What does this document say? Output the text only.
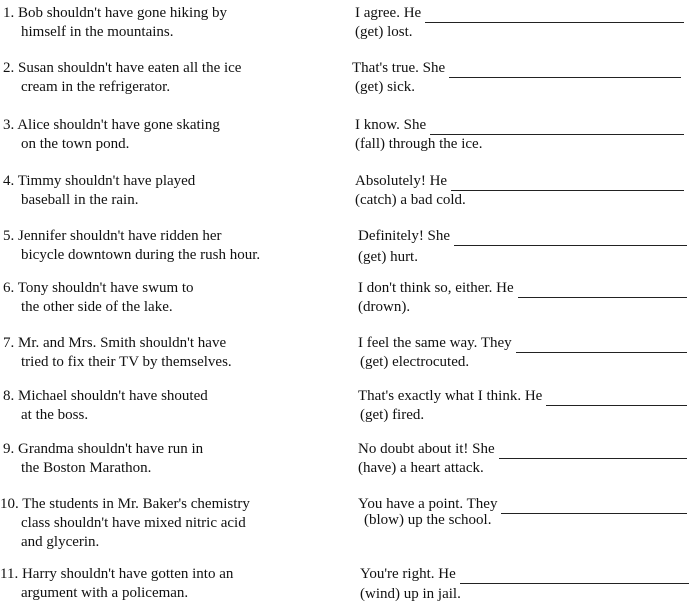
1. Bob shouldn't have gone hiking by
himself in the mountains.
I agree. He
(get) lost.
2. Susan shouldn't have eaten all the ice
cream in the refrigerator.
That's true. She
(get) sick.
3. Alice shouldn't have gone skating
on the town pond.
I know. She
(fall) through the ice.
4. Timmy shouldn't have played
baseball in the rain.
Absolutely! He
(catch) a bad cold.
5. Jennifer shouldn't have ridden her
bicycle downtown during the rush hour.
Definitely! She
(get) hurt.
6. Tony shouldn't have swum to
the other side of the lake.
I don't think so, either. He
(drown).
7. Mr. and Mrs. Smith shouldn't have
tried to fix their TV by themselves.
I feel the same way. They
(get) electrocuted.
8. Michael shouldn't have shouted
at the boss.
That's exactly what I think. He
(get) fired.
9. Grandma shouldn't have run in
the Boston Marathon.
No doubt about it! She
(have) a heart attack.
10. The students in Mr. Baker's chemistry
class shouldn't have mixed nitric acid
and glycerin.
You have a point. They
(blow) up the school.
11. Harry shouldn't have gotten into an
argument with a policeman.
You're right. He
(wind) up in jail.
